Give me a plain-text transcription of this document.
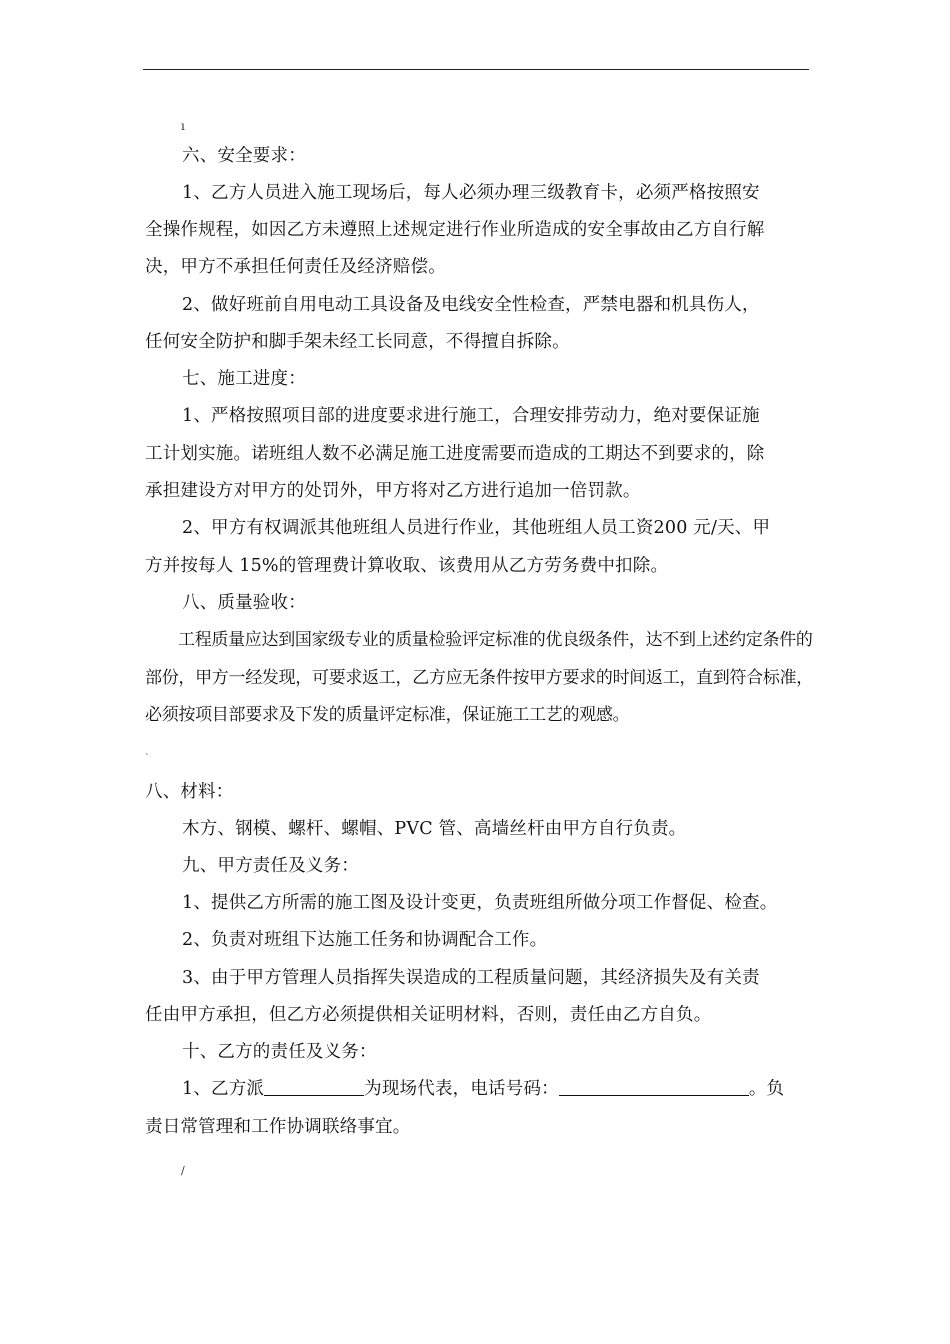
ı
六、安全要求：
1、乙方人员进入施工现场后，每人必须办理三级教育卡，必须严格按照安
全操作规程，如因乙方未遵照上述规定进行作业所造成的安全事故由乙方自行解
决，甲方不承担任何责任及经济赔偿。
2、做好班前自用电动工具设备及电线安全性检查，严禁电器和机具伤人，
任何安全防护和脚手架未经工长同意，不得擅自拆除。
七、施工进度：
1、严格按照项目部的进度要求进行施工，合理安排劳动力，绝对要保证施
工计划实施。诺班组人数不必满足施工进度需要而造成的工期达不到要求的，除
承担建设方对甲方的处罚外，甲方将对乙方进行追加一倍罚款。
2、甲方有权调派其他班组人员进行作业，其他班组人员工资200 元/天、甲
方并按每人 15%的管理费计算收取、该费用从乙方劳务费中扣除。
八、质量验收：
工程质量应达到国家级专业的质量检验评定标准的优良级条件，达不到上述约定条件的
部份，甲方一经发现，可要求返工，乙方应无条件按甲方要求的时间返工，直到符合标准，
必须按项目部要求及下发的质量评定标准，保证施工工艺的观感。
ˋ
八、材料：
木方、钢模、螺杆、螺帽、PVC 管、高墙丝杆由甲方自行负责。
九、甲方责任及义务：
1、提供乙方所需的施工图及设计变更，负责班组所做分项工作督促、检查。
2、负责对班组下达施工任务和协调配合工作。
3、由于甲方管理人员指挥失误造成的工程质量问题，其经济损失及有关责
任由甲方承担，但乙方必须提供相关证明材料，否则，责任由乙方自负。
十、乙方的责任及义务：
1、乙方派	为现场代表，电话号码：	。负
责日常管理和工作协调联络事宜。
/
